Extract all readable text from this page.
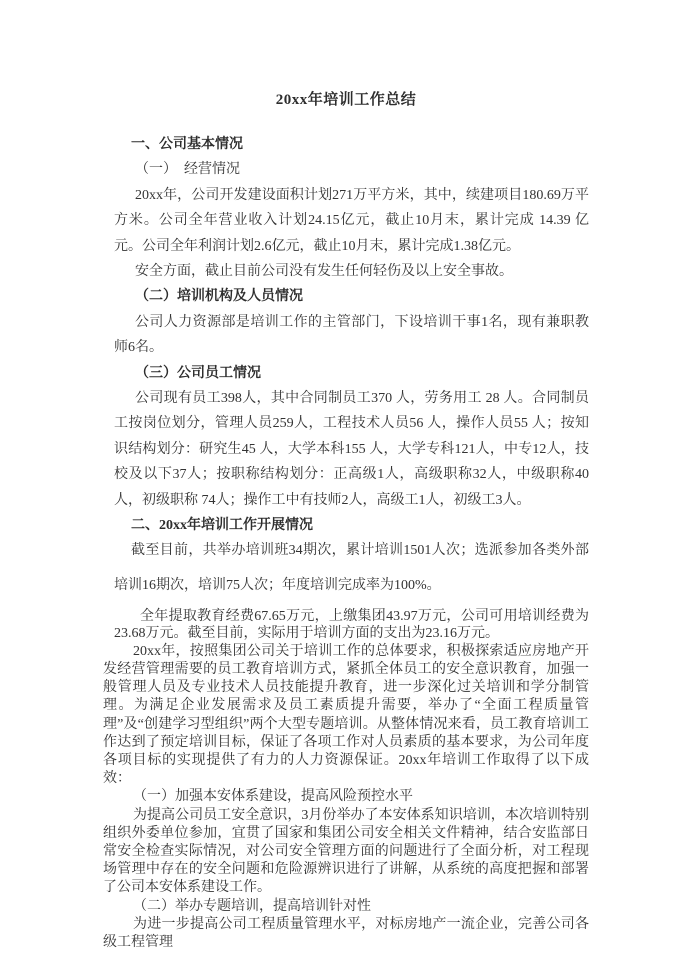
20xx年培训工作总结
一、公司基本情况
（一）　经营情况

20xx年，公司开发建设面积计划271万平方米，其中，续建项目180.69万平方米。公司全年营业收入计划24.15亿元，截止10月末，累计完成 14.39 亿元。公司全年利润计划2.6亿元，截止10月末，累计完成1.38亿元。

安全方面，截止目前公司没有发生任何轻伤及以上安全事故。

（二）培训机构及人员情况

公司人力资源部是培训工作的主管部门，下设培训干事1名，现有兼职教师6名。

（三）公司员工情况

公司现有员工398人，其中合同制员工370 人，劳务用工 28 人。合同制员工按岗位划分，管理人员259人，工程技术人员56 人，操作人员55 人；按知识结构划分：研究生45 人，大学本科155 人，大学专科121人，中专12人，技校及以下37人；按职称结构划分：正高级1人，高级职称32人，中级职称40人，初级职称 74人；操作工中有技师2人，高级工1人，初级工3人。

二、20xx年培训工作开展情况

截至目前，共举办培训班34期次，累计培训1501人次；选派参加各类外部培训16期次，培训75人次；年度培训完成率为100%。

全年提取教育经费67.65万元，上缴集团43.97万元，公司可用培训经费为23.68万元。截至目前，实际用于培训方面的支出为23.16万元。

20xx年，按照集团公司关于培训工作的总体要求，积极探索适应房地产开发经营管理需要的员工教育培训方式，紧抓全体员工的安全意识教育，加强一般管理人员及专业技术人员技能提升教育，进一步深化过关培训和学分制管理。为满足企业发展需求及员工素质提升需要，举办了“全面工程质量管理”及“创建学习型组织”两个大型专题培训。从整体情况来看，员工教育培训工作达到了预定培训目标，保证了各项工作对人员素质的基本要求，为公司年度各项目标的实现提供了有力的人力资源保证。20xx年培训工作取得了以下成效：

（一）加强本安体系建设，提高风险预控水平

为提高公司员工安全意识，3月份举办了本安体系知识培训，本次培训特别组织外委单位参加，宜贯了国家和集团公司安全相关文件精神，结合安监部日常安全检查实际情况，对公司安全管理方面的问题进行了全面分析，对工程现场管理中存在的安全问题和危险源辨识进行了讲解，从系统的高度把握和部署了公司本安体系建设工作。

（二）举办专题培训，提高培训针对性

为进一步提高公司工程质量管理水平，对标房地产一流企业，完善公司各级工程管理
